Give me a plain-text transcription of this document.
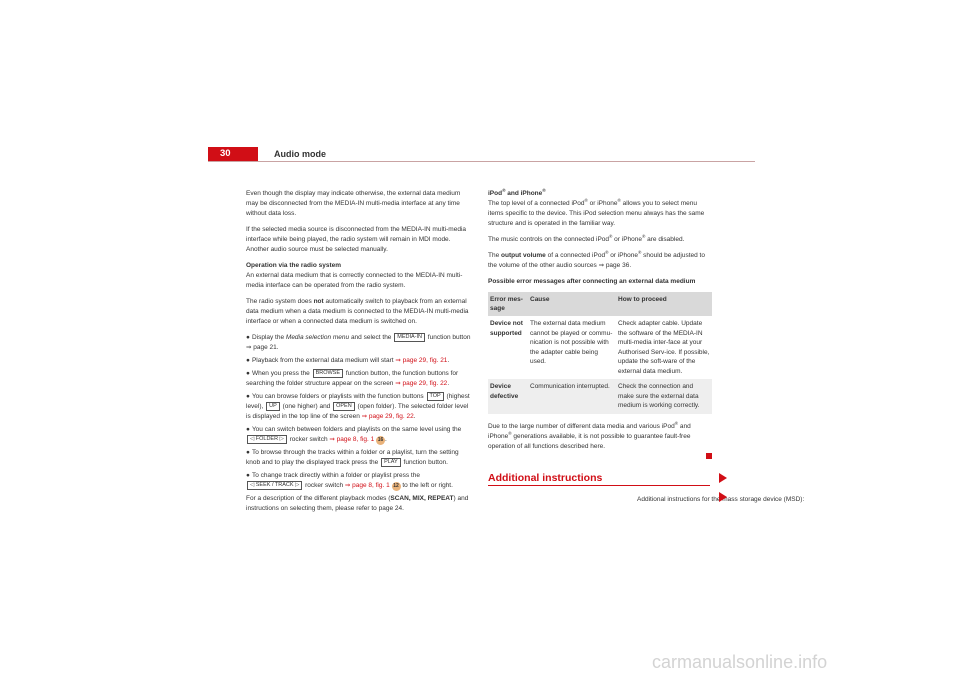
30	Audio mode

Even though the display may indicate otherwise, the external data medium may be disconnected from the MEDIA-IN multi-media interface at any time without data loss.

If the selected media source is disconnected from the MEDIA-IN multi-media interface while being played, the radio system will remain in MDI mode. Another audio source must be selected manually.

Operation via the radio system

An external data medium that is correctly connected to the MEDIA-IN multi-media interface can be operated from the radio system.

The radio system does not automatically switch to playback from an external data medium when a data medium is connected to the MEDIA-IN multi-media interface or when a connected data medium is switched on.

● Display the Media selection menu and select the MEDIA-IN function button ⇒ page 21.
● Playback from the external data medium will start ⇒ page 29, fig. 21.
● When you press the BROWSE function button, the function buttons for searching the folder structure appear on the screen ⇒ page 29, fig. 22.
● You can browse folders or playlists with the function buttons TOP (highest level), UP (one higher) and OPEN (open folder). The selected folder level is displayed in the top line of the screen ⇒ page 29, fig. 22.
● You can switch between folders and playlists on the same level using the ◁ FOLDER ▷ rocker switch ⇒ page 8, fig. 1 16 .
● To browse through the tracks within a folder or a playlist, turn the setting knob and to play the displayed track press the PLAY function button.
● To change track directly within a folder or playlist press the ◁ SEEK / TRACK ▷ rocker switch ⇒ page 8, fig. 1 12 to the left or right.

For a description of the different playback modes (SCAN, MIX, REPEAT) and instructions on selecting them, please refer to page 24.

iPod® and iPhone®

The top level of a connected iPod® or iPhone® allows you to select menu items specific to the device. This iPod selection menu always has the same structure and is operated in the familiar way.

The music controls on the connected iPod® or iPhone® are disabled.

The output volume of a connected iPod® or iPhone® should be adjusted to the volume of the other audio sources ⇒ page 36.

Possible error messages after connecting an external data medium
Error mes-sage	Cause	How to proceed
Device not supported	The external data medium cannot be played or commu-nication is not possible with the adapter cable being used.	Check adapter cable. Update the software of the MEDIA-IN multi-media inter-face at your Authorised Serv-ice. If possible, update the soft-ware of the external data medium.
Device defective	Communication interrupted.	Check the connection and make sure the external data medium is working correctly.

Due to the large number of different data media and various iPod® and iPhone® generations available, it is not possible to guarantee fault-free operation of all functions described here.

Additional instructions
Additional instructions for the mass storage device (MSD):
carmanualsonline.info
